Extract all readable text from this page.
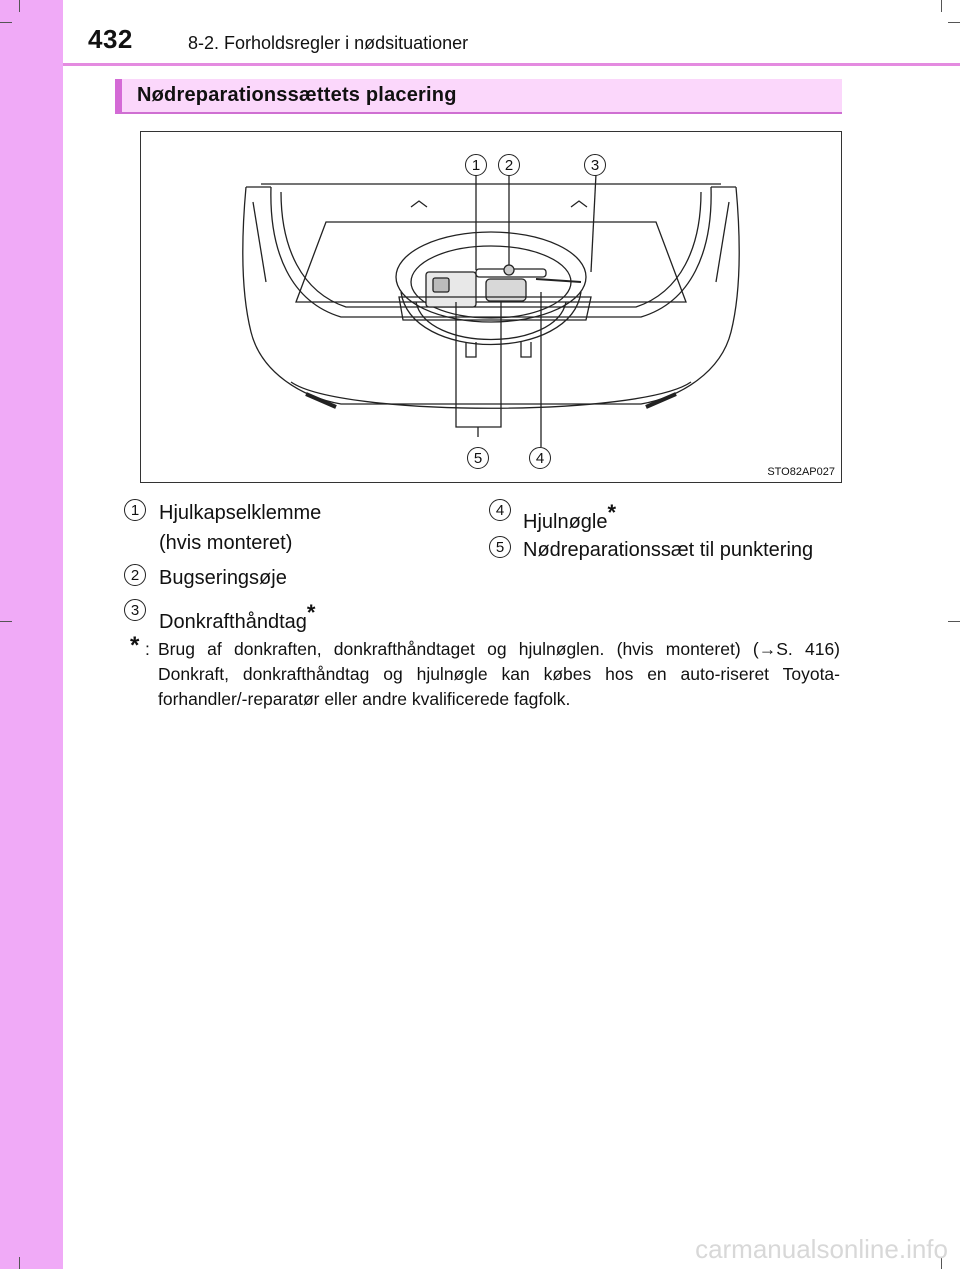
432	8-2. Forholdsregler i nødsituationer
Nødreparationssættets placering
1	2	3
4
5
STO82AP027
1 Hjulkapselklemme
(hvis monteret)
2 Bugseringsøje
3
Donkrafthåndtag*
4
Hjulnøgle*
5 Nødreparationssæt til punktering
* : Brug af donkraften, donkrafthåndtaget og hjulnøglen. (hvis monteret) (→S. 416) Donkraft, donkrafthåndtag og hjulnøgle kan købes hos en auto-riseret Toyota-forhandler/-reparatør eller andre kvalificerede fagfolk.
carmanualsonline.info
